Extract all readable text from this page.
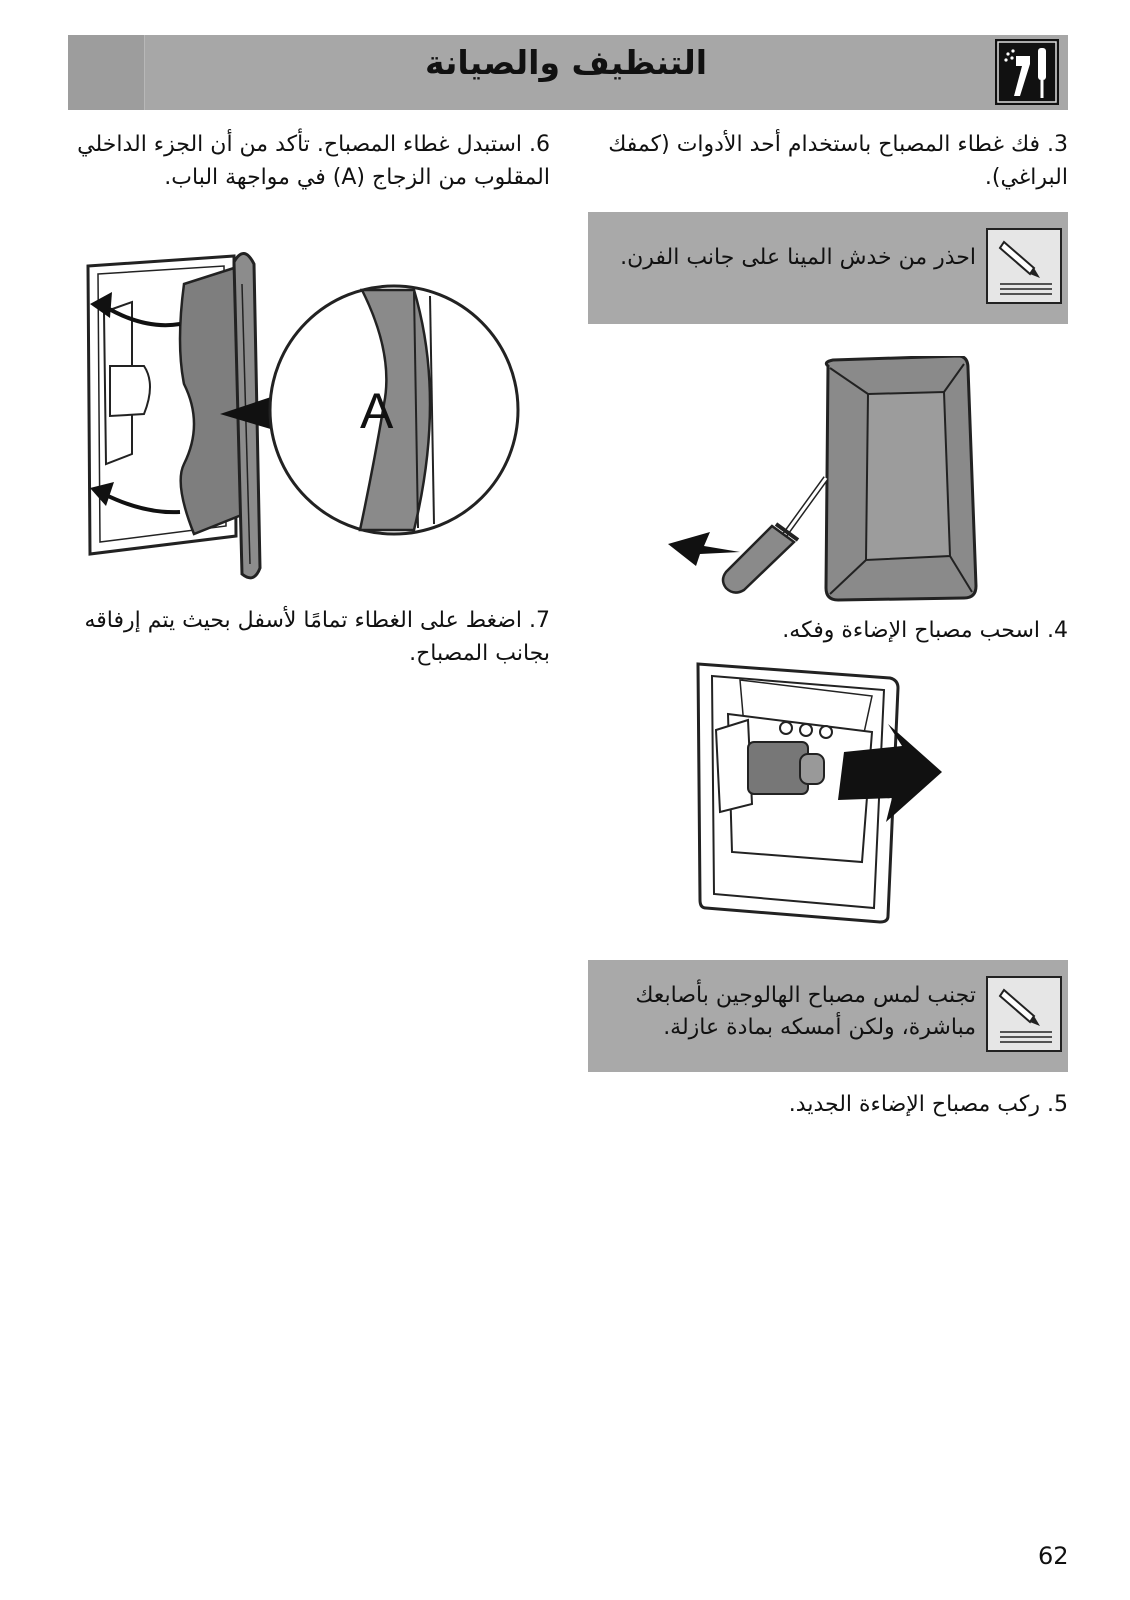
التنظيف والصيانة
3. فك غطاء المصباح باستخدام أحد الأدوات (كمفك البراغي).
احذر من خدش المينا على جانب الفرن.
4. اسحب مصباح الإضاءة وفكه.
تجنب لمس مصباح الهالوجين بأصابعك مباشرة، ولكن أمسكه بمادة عازلة.
5. ركب مصباح الإضاءة الجديد.
6. استبدل غطاء المصباح. تأكد من أن الجزء الداخلي المقلوب من الزجاج (A) في مواجهة الباب.
A
7. اضغط على الغطاء تمامًا لأسفل بحيث يتم إرفاقه بجانب المصباح.
62
